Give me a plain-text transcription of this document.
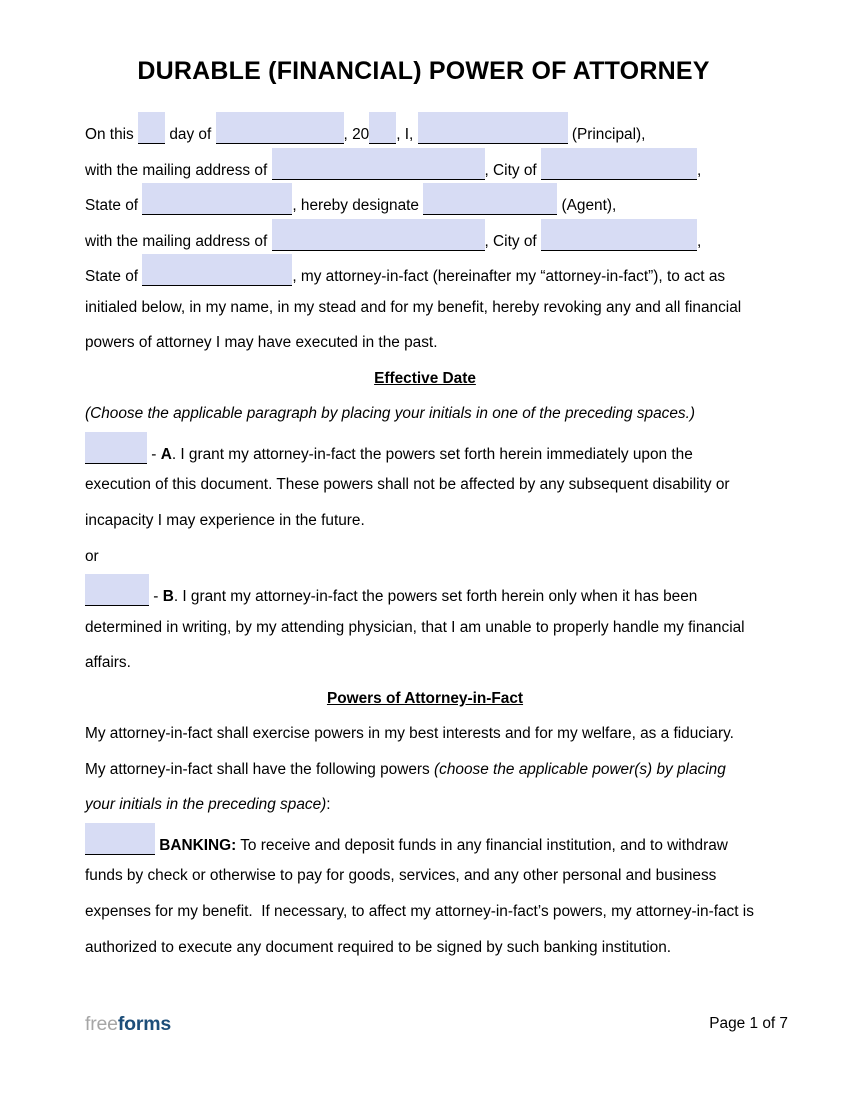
DURABLE (FINANCIAL) POWER OF ATTORNEY
On this  day of	, 20 , I,	(Principal),
with the mailing address of	, City of	,
State of	, hereby designate	(Agent),
with the mailing address of	, City of	,
State of	, my attorney-in-fact (hereinafter my “attorney-in-fact”), to act as
initialed below, in my name, in my stead and for my benefit, hereby revoking any and all financial
powers of attorney I may have executed in the past.
Effective Date
(Choose the applicable paragraph by placing your initials in one of the preceding spaces.)
- A. I grant my attorney-in-fact the powers set forth herein immediately upon the
execution of this document. These powers shall not be affected by any subsequent disability or
incapacity I may experience in the future.
or
- B. I grant my attorney-in-fact the powers set forth herein only when it has been
determined in writing, by my attending physician, that I am unable to properly handle my financial
affairs.
Powers of Attorney-in-Fact
My attorney-in-fact shall exercise powers in my best interests and for my welfare, as a fiduciary.
My attorney-in-fact shall have the following powers (choose the applicable power(s) by placing
your initials in the preceding space):
BANKING: To receive and deposit funds in any financial institution, and to withdraw
funds by check or otherwise to pay for goods, services, and any other personal and business
expenses for my benefit.  If necessary, to affect my attorney-in-fact’s powers, my attorney-in-fact is
authorized to execute any document required to be signed by such banking institution.
freeforms	Page 1 of 7
